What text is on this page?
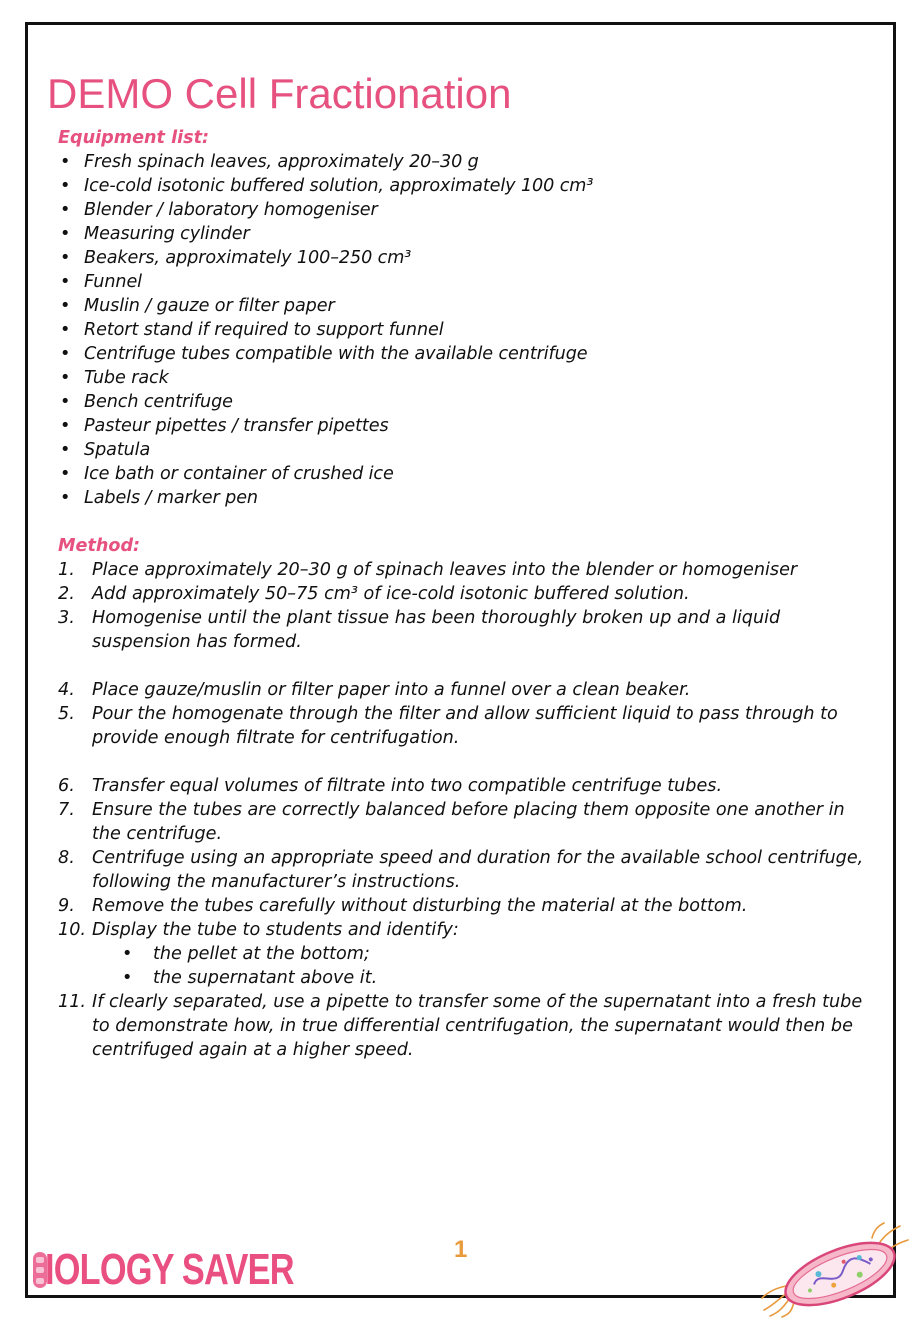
DEMO Cell Fractionation
Equipment list:
• Fresh spinach leaves, approximately 20–30 g
• Ice-cold isotonic buffered solution, approximately 100 cm³
• Blender / laboratory homogeniser
• Measuring cylinder
• Beakers, approximately 100–250 cm³
• Funnel
• Muslin / gauze or filter paper
• Retort stand if required to support funnel
• Centrifuge tubes compatible with the available centrifuge
• Tube rack
• Bench centrifuge
• Pasteur pipettes / transfer pipettes
• Spatula
• Ice bath or container of crushed ice
• Labels / marker pen
Method:
1. Place approximately 20–30 g of spinach leaves into the blender or homogeniser
2. Add approximately 50–75 cm³ of ice-cold isotonic buffered solution.
3. Homogenise until the plant tissue has been thoroughly broken up and a liquid suspension has formed.
4. Place gauze/muslin or filter paper into a funnel over a clean beaker.
5. Pour the homogenate through the filter and allow sufficient liquid to pass through to provide enough filtrate for centrifugation.
6. Transfer equal volumes of filtrate into two compatible centrifuge tubes.
7. Ensure the tubes are correctly balanced before placing them opposite one another in the centrifuge.
8. Centrifuge using an appropriate speed and duration for the available school centrifuge, following the manufacturer’s instructions.
9. Remove the tubes carefully without disturbing the material at the bottom.
10. Display the tube to students and identify:
• the pellet at the bottom;
• the supernatant above it.
11. If clearly separated, use a pipette to transfer some of the supernatant into a fresh tube to demonstrate how, in true differential centrifugation, the supernatant would then be centrifuged again at a higher speed.
1
IOLOGY SAVER
